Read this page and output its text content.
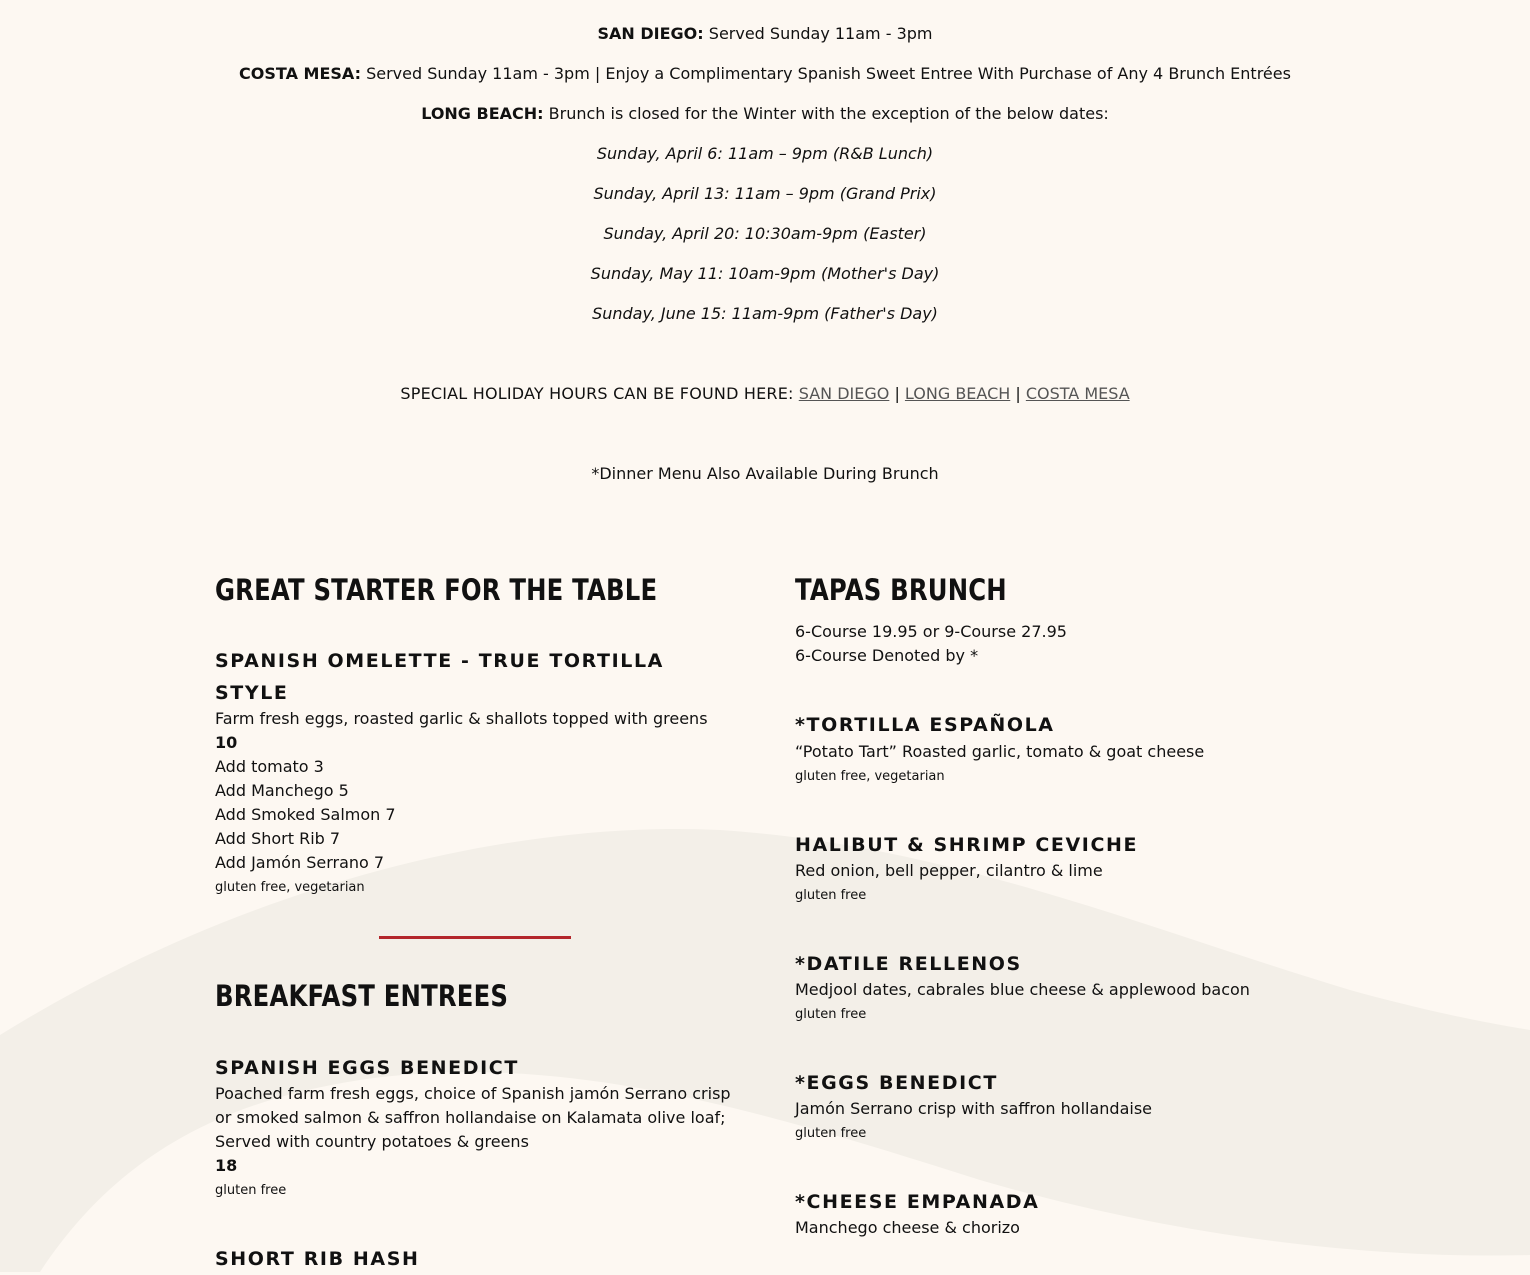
SAN DIEGO: Served Sunday 11am - 3pm
COSTA MESA: Served Sunday 11am - 3pm | Enjoy a Complimentary Spanish Sweet Entree With Purchase of Any 4 Brunch Entrées
LONG BEACH: Brunch is closed for the Winter with the exception of the below dates:
Sunday, April 6: 11am – 9pm (R&B Lunch)
Sunday, April 13: 11am – 9pm (Grand Prix)
Sunday, April 20: 10:30am-9pm (Easter)
Sunday, May 11: 10am-9pm (Mother's Day)
Sunday, June 15: 11am-9pm (Father's Day)
SPECIAL HOLIDAY HOURS CAN BE FOUND HERE: SAN DIEGO | LONG BEACH | COSTA MESA
*Dinner Menu Also Available During Brunch
GREAT STARTER FOR THE TABLE
SPANISH OMELETTE - TRUE TORTILLA STYLE
Farm fresh eggs, roasted garlic & shallots topped with greens
10
Add tomato 3
Add Manchego 5
Add Smoked Salmon 7
Add Short Rib 7
Add Jamón Serrano 7
gluten free, vegetarian
BREAKFAST ENTREES
SPANISH EGGS BENEDICT
Poached farm fresh eggs, choice of Spanish jamón Serrano crisp or smoked salmon & saffron hollandaise on Kalamata olive loaf; Served with country potatoes & greens
18
gluten free
SHORT RIB HASH
TAPAS BRUNCH
6-Course 19.95 or 9-Course 27.95
6-Course Denoted by *
*TORTILLA ESPAÑOLA
“Potato Tart” Roasted garlic, tomato & goat cheese
gluten free, vegetarian
HALIBUT & SHRIMP CEVICHE
Red onion, bell pepper, cilantro & lime
gluten free
*DATILE RELLENOS
Medjool dates, cabrales blue cheese & applewood bacon
gluten free
*EGGS BENEDICT
Jamón Serrano crisp with saffron hollandaise
gluten free
*CHEESE EMPANADA
Manchego cheese & chorizo
